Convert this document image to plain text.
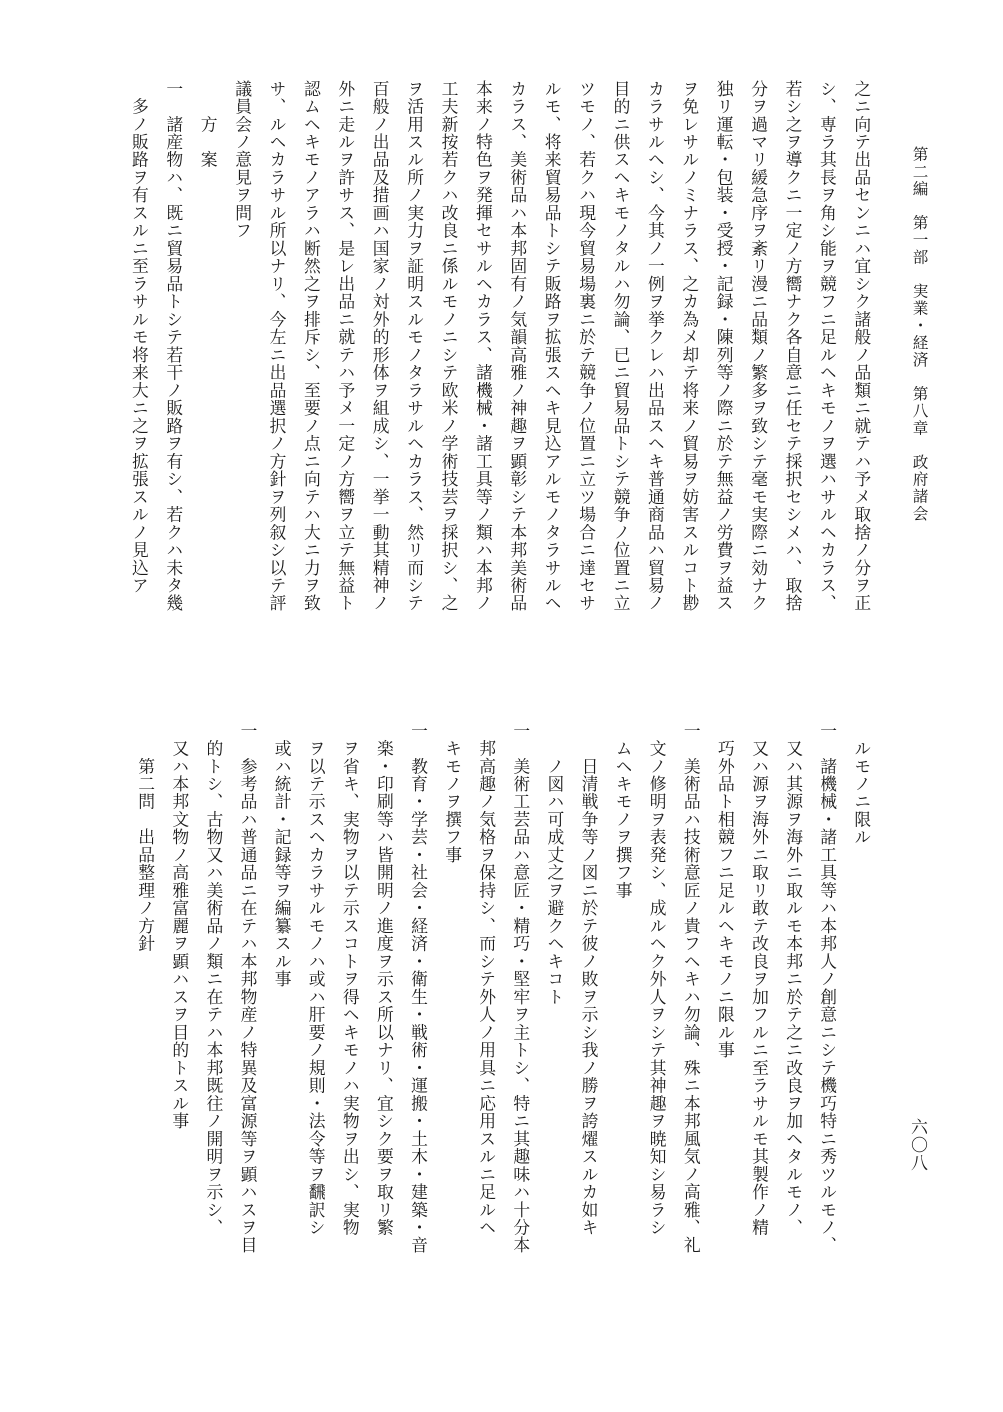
第二編　第一部　実業・経済　第八章　政府諸会
六〇八
之ニ向テ出品センニハ宜シク諸般ノ品類ニ就テハ予メ取捨ノ分ヲ正
シ、専ラ其長ヲ角シ能ヲ競フニ足ルヘキモノヲ選ハサルヘカラス、
若シ之ヲ導クニ一定ノ方嚮ナク各自意ニ任セテ採択セシメハ、取捨
分ヲ過マリ緩急序ヲ紊リ漫ニ品類ノ繁多ヲ致シテ毫モ実際ニ効ナク
独リ運転・包装・受授・記録・陳列等ノ際ニ於テ無益ノ労費ヲ益ス
ヲ免レサルノミナラス、之カ為メ却テ将来ノ貿易ヲ妨害スルコト尠
カラサルヘシ、今其ノ一例ヲ挙クレハ出品スヘキ普通商品ハ貿易ノ
目的ニ供スヘキモノタルハ勿論、已ニ貿易品トシテ競争ノ位置ニ立
ツモノ、若クハ現今貿易場裏ニ於テ競争ノ位置ニ立ツ場合ニ達セサ
ルモ、将来貿易品トシテ販路ヲ拡張スヘキ見込アルモノタラサルヘ
カラス、美術品ハ本邦固有ノ気韻高雅ノ神趣ヲ顕彰シテ本邦美術品
本来ノ特色ヲ発揮セサルヘカラス、諸機械・諸工具等ノ類ハ本邦ノ
工夫新按若クハ改良ニ係ルモノニシテ欧米ノ学術技芸ヲ採択シ、之
ヲ活用スル所ノ実力ヲ証明スルモノタラサルヘカラス、然リ而シテ
百般ノ出品及措画ハ国家ノ対外的形体ヲ組成シ、一挙一動其精神ノ
外ニ走ルヲ許サス、是レ出品ニ就テハ予メ一定ノ方嚮ヲ立テ無益ト
認ムヘキモノアラハ断然之ヲ排斥シ、至要ノ点ニ向テハ大ニ力ヲ致
サ、ルヘカラサル所以ナリ、今左ニ出品選択ノ方針ヲ列叙シ以テ評
議員会ノ意見ヲ問フ
　　方　案
一　諸産物ハ、既ニ貿易品トシテ若干ノ販路ヲ有シ、若クハ未タ幾
　多ノ販路ヲ有スルニ至ラサルモ将来大ニ之ヲ拡張スルノ見込ア
　ルモノニ限ル
一　諸機械・諸工具等ハ本邦人ノ創意ニシテ機巧特ニ秀ツルモノ、
　又ハ其源ヲ海外ニ取ルモ本邦ニ於テ之ニ改良ヲ加ヘタルモノ、
　又ハ源ヲ海外ニ取リ敢テ改良ヲ加フルニ至ラサルモ其製作ノ精
　巧外品ト相競フニ足ルヘキモノニ限ル事
一　美術品ハ技術意匠ノ貴フヘキハ勿論、殊ニ本邦風気ノ高雅、礼
　文ノ修明ヲ表発シ、成ルヘク外人ヲシテ其神趣ヲ暁知シ易ラシ
　ムヘキモノヲ撰フ事
　　日清戦争等ノ図ニ於テ彼ノ敗ヲ示シ我ノ勝ヲ誇燿スルカ如キ
　　ノ図ハ可成丈之ヲ避クヘキコト
一　美術工芸品ハ意匠・精巧・堅牢ヲ主トシ、特ニ其趣味ハ十分本
　邦高趣ノ気格ヲ保持シ、而シテ外人ノ用具ニ応用スルニ足ルヘ
　キモノヲ撰フ事
一　教育・学芸・社会・経済・衛生・戦術・運搬・土木・建築・音
　楽・印刷等ハ皆開明ノ進度ヲ示ス所以ナリ、宜シク要ヲ取リ繁
　ヲ省キ、実物ヲ以テ示スコトヲ得ヘキモノハ実物ヲ出シ、実物
　ヲ以テ示スヘカラサルモノハ或ハ肝要ノ規則・法令等ヲ飜訳シ
　或ハ統計・記録等ヲ編纂スル事
一　参考品ハ普通品ニ在テハ本邦物産ノ特異及富源等ヲ顕ハスヲ目
　的トシ、古物又ハ美術品ノ類ニ在テハ本邦既往ノ開明ヲ示シ、
　又ハ本邦文物ノ高雅富麗ヲ顕ハスヲ目的トスル事
　　第二問　出品整理ノ方針
